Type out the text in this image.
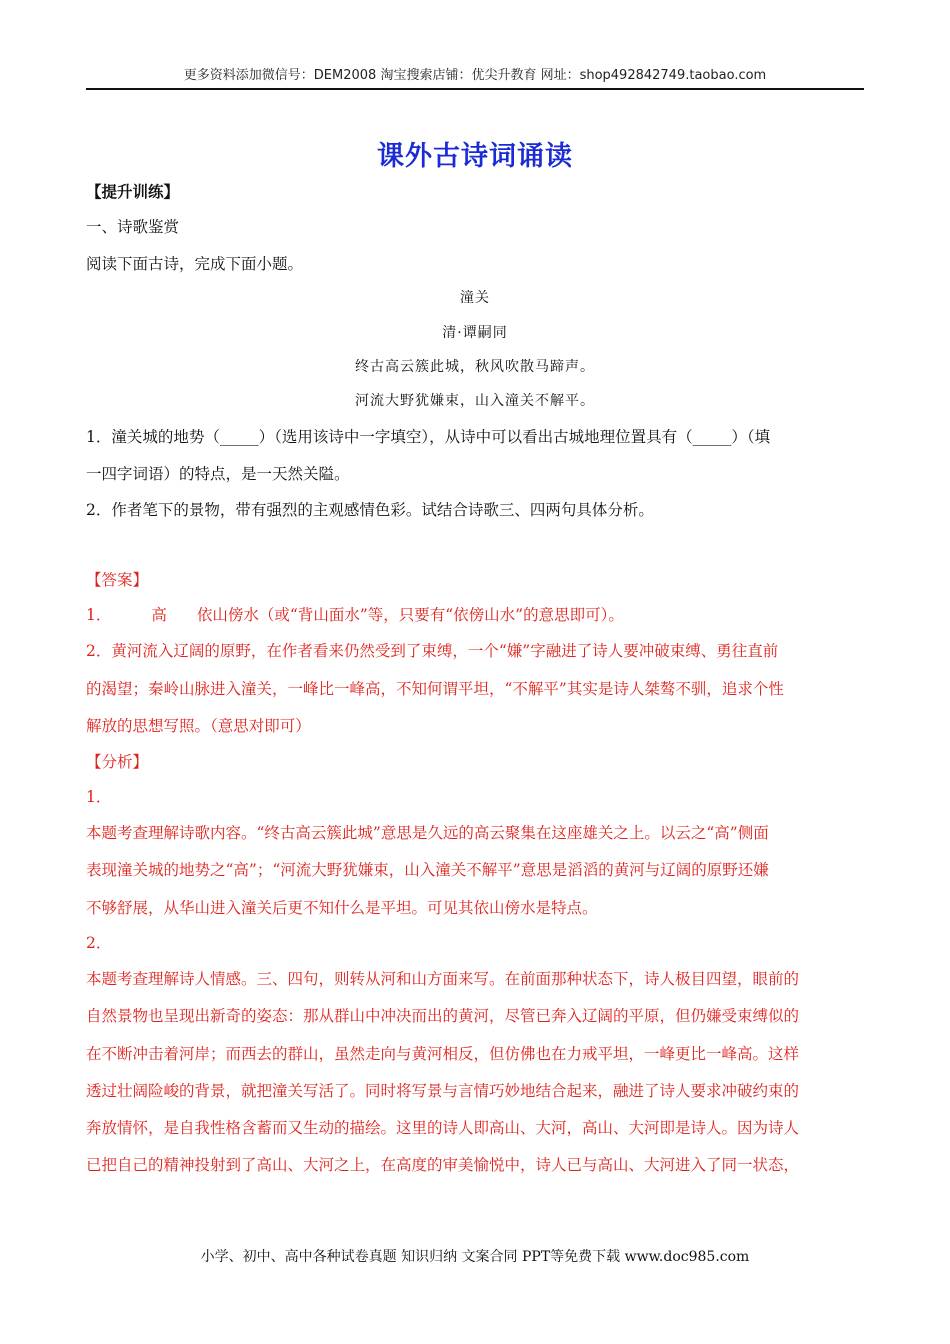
更多资料添加微信号：DEM2008 淘宝搜索店铺：优尖升教育 网址：shop492842749.taobao.com
课外古诗词诵读
【提升训练】
一、诗歌鉴赏
阅读下面古诗，完成下面小题。
潼关
清·谭嗣同
终古高云簇此城，秋风吹散马蹄声。
河流大野犹嫌束，山入潼关不解平。
1．潼关城的地势（_____）（选用该诗中一字填空），从诗中可以看出古城地理位置具有（_____）（填
一四字词语）的特点，是一天然关隘。
2．作者笔下的景物，带有强烈的主观感情色彩。试结合诗歌三、四两句具体分析。
【答案】
1．	高 依山傍水（或“背山面水”等，只要有“依傍山水”的意思即可）。
2．黄河流入辽阔的原野，在作者看来仍然受到了束缚，一个“嫌”字融进了诗人要冲破束缚、勇往直前
的渴望；秦岭山脉进入潼关，一峰比一峰高，不知何谓平坦，“不解平”其实是诗人桀骜不驯，追求个性
解放的思想写照。（意思对即可）
【分析】
1．
本题考查理解诗歌内容。“终古高云簇此城”意思是久远的高云聚集在这座雄关之上。以云之“高”侧面
表现潼关城的地势之“高”；“河流大野犹嫌束，山入潼关不解平”意思是滔滔的黄河与辽阔的原野还嫌
不够舒展，从华山进入潼关后更不知什么是平坦。可见其依山傍水是特点。
2．
本题考查理解诗人情感。三、四句，则转从河和山方面来写。在前面那种状态下，诗人极目四望，眼前的
自然景物也呈现出新奇的姿态：那从群山中冲决而出的黄河，尽管已奔入辽阔的平原，但仍嫌受束缚似的
在不断冲击着河岸；而西去的群山，虽然走向与黄河相反，但仿佛也在力戒平坦，一峰更比一峰高。这样
透过壮阔险峻的背景，就把潼关写活了。同时将写景与言情巧妙地结合起来，融进了诗人要求冲破约束的
奔放情怀，是自我性格含蓄而又生动的描绘。这里的诗人即高山、大河，高山、大河即是诗人。因为诗人
已把自己的精神投射到了高山、大河之上，在高度的审美愉悦中，诗人已与高山、大河进入了同一状态，
小学、初中、高中各种试卷真题 知识归纳 文案合同 PPT等免费下载 www.doc985.com
